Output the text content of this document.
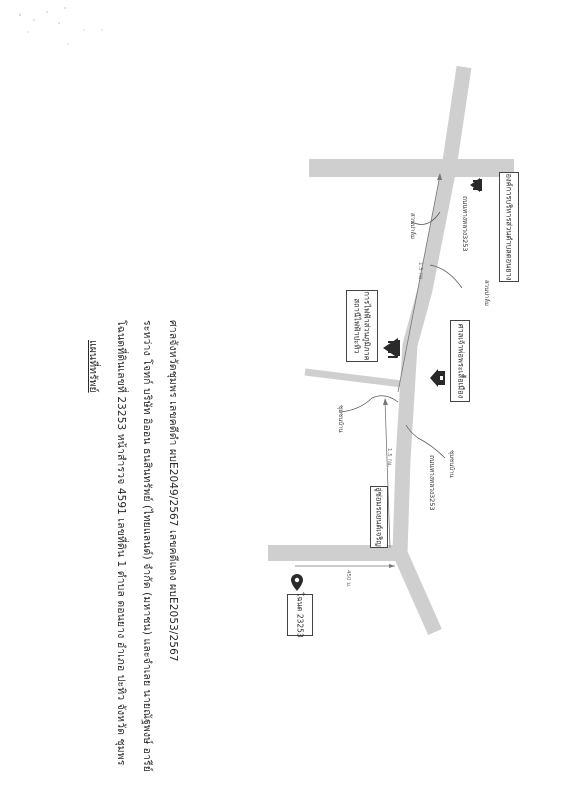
แผนที่ทรัพย์ โฉนดที่ดินเลขที่ 23253 หน้าสำรวจ 4591 เลขที่ดิน 1 ตำบล ดอนยาง อำเภอ ปะทิว จังหวัด ชุมพร ระหว่าง โจทก์ บริษัท อิออน ธนสินทรัพย์ (ไทยแลนด์) จำกัด (มหาชน) และจำเลย นายณัฐพงษ์ อารีย์ ศาลจังหวัดชุมพร เลขคดีดำ ผบE2049/2567 เลขคดีแดง ผบE2053/2567	โฉนด 23253
อู่ซ่อมรถยนต์เจริญ
การไฟฟ้าส่วนภูมิภาค
สถานีไฟฟ้าปะทิว	ศาลเจ้าพ่อพระเสื้อเมือง
องค์การบริหารส่วนตำบลดอนยาง
ถนนทางหลวง3253
ถนนทางหลวง3253
ชุมชนบ้าน
ชุมชนบ้าน
สวนปาล์ม
สวนปาล์ม
1.5 กม.
1.5 กม.
450 ม.
